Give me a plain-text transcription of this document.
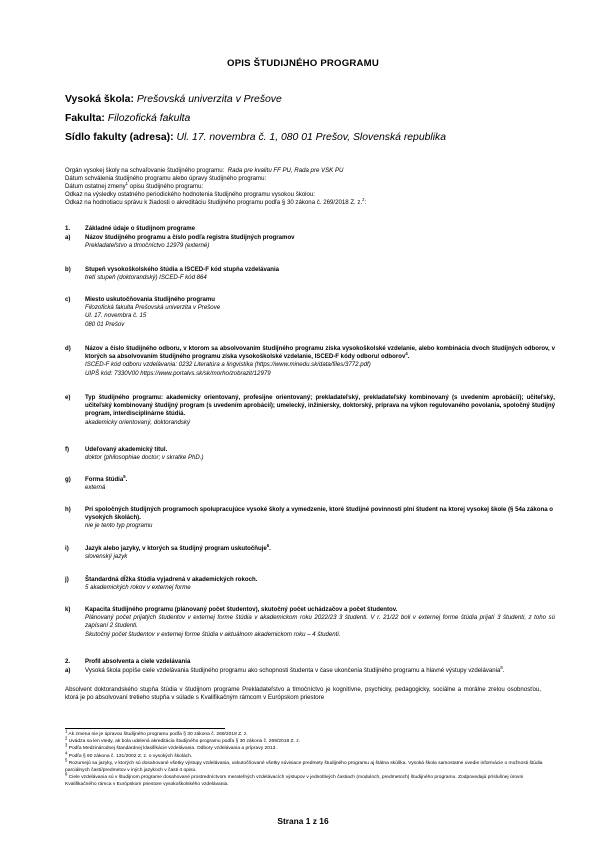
OPIS ŠTUDIJNÉHO PROGRAMU
Vysoká škola: Prešovská univerzita v Prešove
Fakulta: Filozofická fakulta
Sídlo fakulty (adresa): Ul. 17. novembra č. 1, 080 01 Prešov, Slovenská republika
Orgán vysokej školy na schvaľovanie študijného programu: Rada pre kvalitu FF PU, Rada pre VSK PU
Dátum schválenia študijného programu alebo úpravy študijného programu:
Dátum ostatnej zmeny$^1$ opisu študijného programu:
Odkaz na výsledky ostatného periodického hodnotenia študijného programu vysokou školou:
Odkaz na hodnotiacu správu k žiadosti o akreditáciu študijného programu podľa § 30 zákona č. 269/2018 Z. z.$^2$:
1.	Základné údaje o študijnom programe
a)	Názov študijného programu a číslo podľa registra študijných programov
Prekladateľstvo a tlmočníctvo 12979 (externé)
b)	Stupeň vysokoškolského štúdia a ISCED-F kód stupňa vzdelávania
tretí stupeň (doktorandský) ISCED-F kód 864
c)	Miesto uskutočňovania študijného programu
Filozofická fakulta Prešovská univerzita v Prešove
Ul. 17. novembra č. 15
080 01 Prešov
d)	Názov a číslo študijného odboru, v ktorom sa absolvovaním študijného programu získa vysokoškolské vzdelanie, alebo kombinácia dvoch študijných odborov, v ktorých sa absolvovaním študijného programu získa vysokoškolské vzdelanie, ISCED-F kódy odboru/ odborov$^4$.
ISCED-F kód odboru vzdelávania: 0232 Literatúra a lingvistika (https://www.minedu.sk/data/files/3772.pdf)
UIPŠ kód: 7330V00 https://www.portalvs.sk/sk/morho/zobrazit/12979
e)	Typ študijného programu: akademicky orientovaný, profesijne orientovaný; prekladateľský, prekladateľský kombinovaný (s uvedením aprobácií); učiteľský, učiteľský kombinovaný študijný program (s uvedením aprobácií); umelecký, inžiniersky, doktorský, príprava na výkon regulovaného povolania, spoločný študijný program, interdisciplinárne štúdiá.
akademicky orientovaný, doktorandský
f)	Udeľovaný akademický titul.
doktor (philosophiae doctor; v skratke PhD.)
g)	Forma štúdia$^5$.
externá
h)	Pri spoločných študijných programoch spolupracujúce vysoké školy a vymedzenie, ktoré študijné povinnosti plní študent na ktorej vysokej škole (§ 54a zákona o vysokých školách).
nie je tento typ programu
i)	Jazyk alebo jazyky, v ktorých sa študijný program uskutočňuje$^6$.
slovenský jazyk
j)	Štandardná dĺžka štúdia vyjadrená v akademických rokoch.
5 akademických rokov v externej forme
k)	Kapacita študijného programu (plánovaný počet študentov), skutočný počet uchádzačov a počet študentov.
Plánovaný počet prijatých študentov v externej forme štúdia v akademickom roku 2022/23 3 študenti. V r. 21/22 boli v externej forme štúdia prijatí 3 študenti, z toho sú zapísaní 2 študenti.
Skutočný počet študentov v externej forme štúdia v aktuálnom akademickom roku – 4 študenti.
2.	Profil absolventa a ciele vzdelávania
a)	Vysoká škola popíše ciele vzdelávania študijného programu ako schopnosti študenta v čase ukončenia študijného programu a hlavné výstupy vzdelávania$^8$.
Absolvent doktorandského stupňa štúdia v študijnom programe Prekladateľstvo a tlmočníctvo je kognitívne, psychicky, pedagogicky, sociálne a morálne zrelou osobnosťou, ktorá je po absolvovaní tretieho stupňa v súlade s Kvalifikačným rámcom v Európskom priestore
$^1$ Ak zmena nie je úpravou študijného programu podľa § 30 zákona č. 269/2018 Z. z.
$^2$ Uvádza sa len vtedy, ak bola udelená akreditácia študijného programu podľa § 30 zákona č. 269/2018 Z. z.
$^3$ Podľa Medzinárodnej štandardnej klasifikácie vzdelávania. Odbory vzdelávania a prípravy 2013.
$^4$ Podľa § 60 zákona č. 131/2002 Z. z. o vysokých školách.
$^5$ Rozumejú sa jazyky, v ktorých sú dosahované všetky výstupy vzdelávania, uskutočňované všetky súvisiace predmety študijného programu aj štátna skúška. Vysoká škola samostatne uvedie informácie o možnosti štúdia parciálnych častí/predmetov v iných jazykoch v časti 4 opisu.
$^6$ Ciele vzdelávania sú v študijnom programe dosahované prostredníctvom merateľných vzdelávacích výstupov v jednotlivých častiach (moduloch, predmetoch) študijného programu. Zodpovedajú príslušnej úrovni Kvalifikačného rámca v Európskom priestore vysokoškolského vzdelávania.
Strana 1 z 16
